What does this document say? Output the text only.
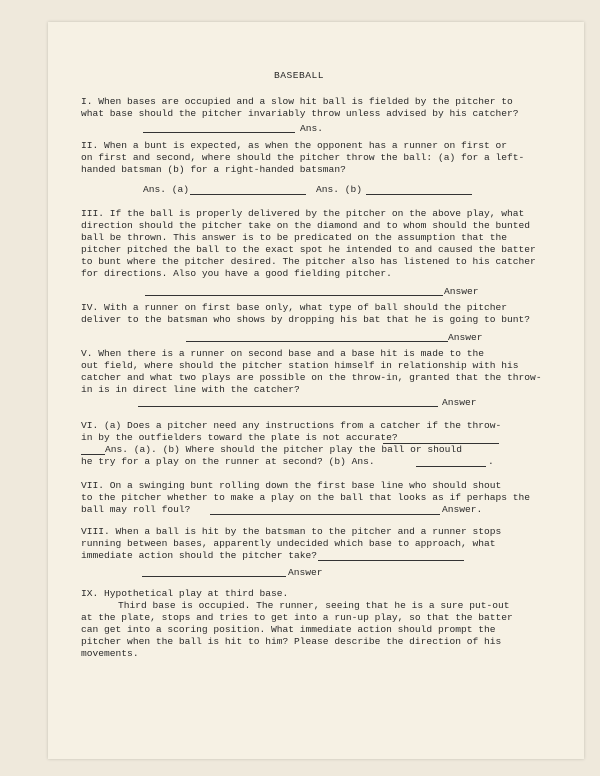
BASEBALL
I. When bases are occupied and a slow hit ball is fielded by the pitcher to
what base should the pitcher invariably throw unless advised by his catcher?
Ans.
II. When a bunt is expected, as when the opponent has a runner on first or
on first and second, where should the pitcher throw the ball: (a) for a left-
handed batsman (b) for a right-handed batsman?
Ans. (a)	Ans. (b)
III. If the ball is properly delivered by the pitcher on the above play, what
direction should the pitcher take on the diamond and to whom should the bunted
ball be thrown. This answer is to be predicated on the assumption that the
pitcher pitched the ball to the exact spot he intended to and caused the batter
to bunt where the pitcher desired. The pitcher also has listened to his catcher
for directions. Also you have a good fielding pitcher.
Answer
IV. With a runner on first base only, what type of ball should the pitcher
deliver to the batsman who shows by dropping his bat that he is going to bunt?
Answer
V. When there is a runner on second base and a base hit is made to the
out field, where should the pitcher station himself in relationship with his
catcher and what two plays are possible on the throw-in, granted that the throw-
in is in direct line with the catcher?
Answer
VI. (a) Does a pitcher need any instructions from a catcher if the throw-
in by the outfielders toward the plate is not accurate?
Ans. (a). (b) Where should the pitcher play the ball or should
he try for a play on the runner at second? (b) Ans.	.
VII. On a swinging bunt rolling down the first base line who should shout
to the pitcher whether to make a play on the ball that looks as if perhaps the
ball may roll foul?	Answer.
VIII. When a ball is hit by the batsman to the pitcher and a runner stops
running between bases, apparently undecided which base to approach, what
immediate action should the pitcher take?
Answer
IX. Hypothetical play at third base.
Third base is occupied. The runner, seeing that he is a sure put-out
at the plate, stops and tries to get into a run-up play, so that the batter
can get into a scoring position. What immediate action should prompt the
pitcher when the ball is hit to him? Please describe the direction of his
movements.
